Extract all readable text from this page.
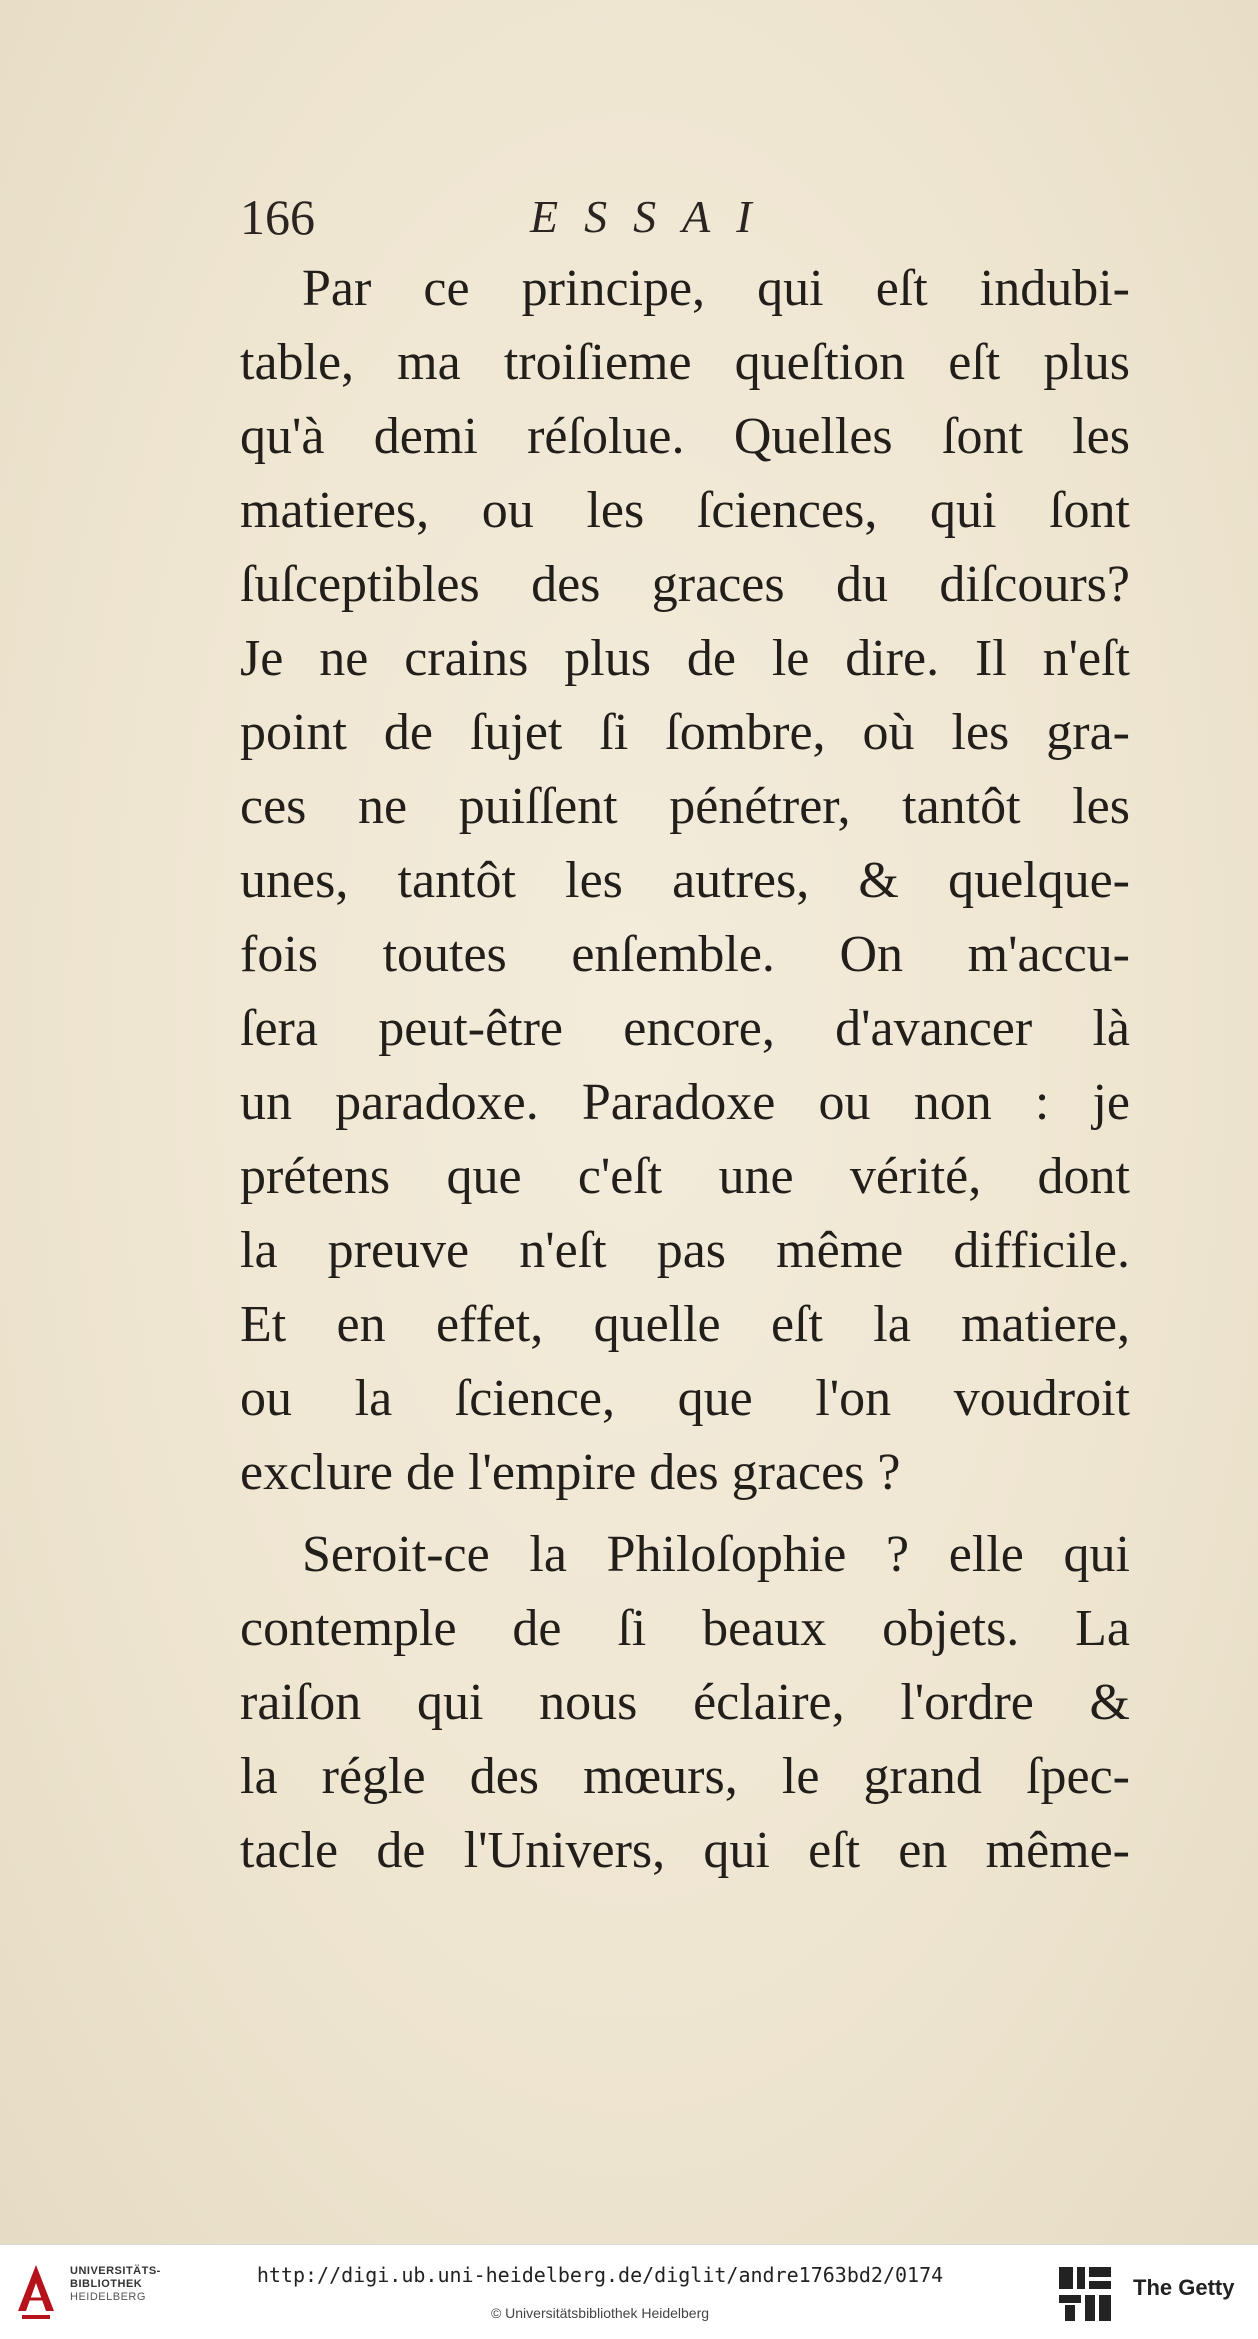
166	ESSAI
Par ce principe, qui eſt indubi-
table, ma troiſieme queſtion eſt plus
qu'à demi réſolue. Quelles ſont les
matieres, ou les ſciences, qui ſont
ſuſceptibles des graces du diſcours?
Je ne crains plus de le dire. Il n'eſt
point de ſujet ſi ſombre, où les gra-
ces ne puiſſent pénétrer, tantôt les
unes, tantôt les autres, & quelque-
fois toutes enſemble. On m'accu-
ſera peut-être encore, d'avancer là
un paradoxe. Paradoxe ou non : je
prétens que c'eſt une vérité, dont
la preuve n'eſt pas même difficile.
Et en effet, quelle eſt la matiere,
ou la ſcience, que l'on voudroit
exclure de l'empire des graces ?
Seroit-ce la Philoſophie ? elle qui
contemple de ſi beaux objets. La
raiſon qui nous éclaire, l'ordre &
la régle des mœurs, le grand ſpec-
tacle de l'Univers, qui eſt en même-
UNIVERSITÄTS-
BIBLIOTHEK
HEIDELBERG
http://digi.ub.uni-heidelberg.de/diglit/andre1763bd2/0174
© Universitätsbibliothek Heidelberg
The Getty
